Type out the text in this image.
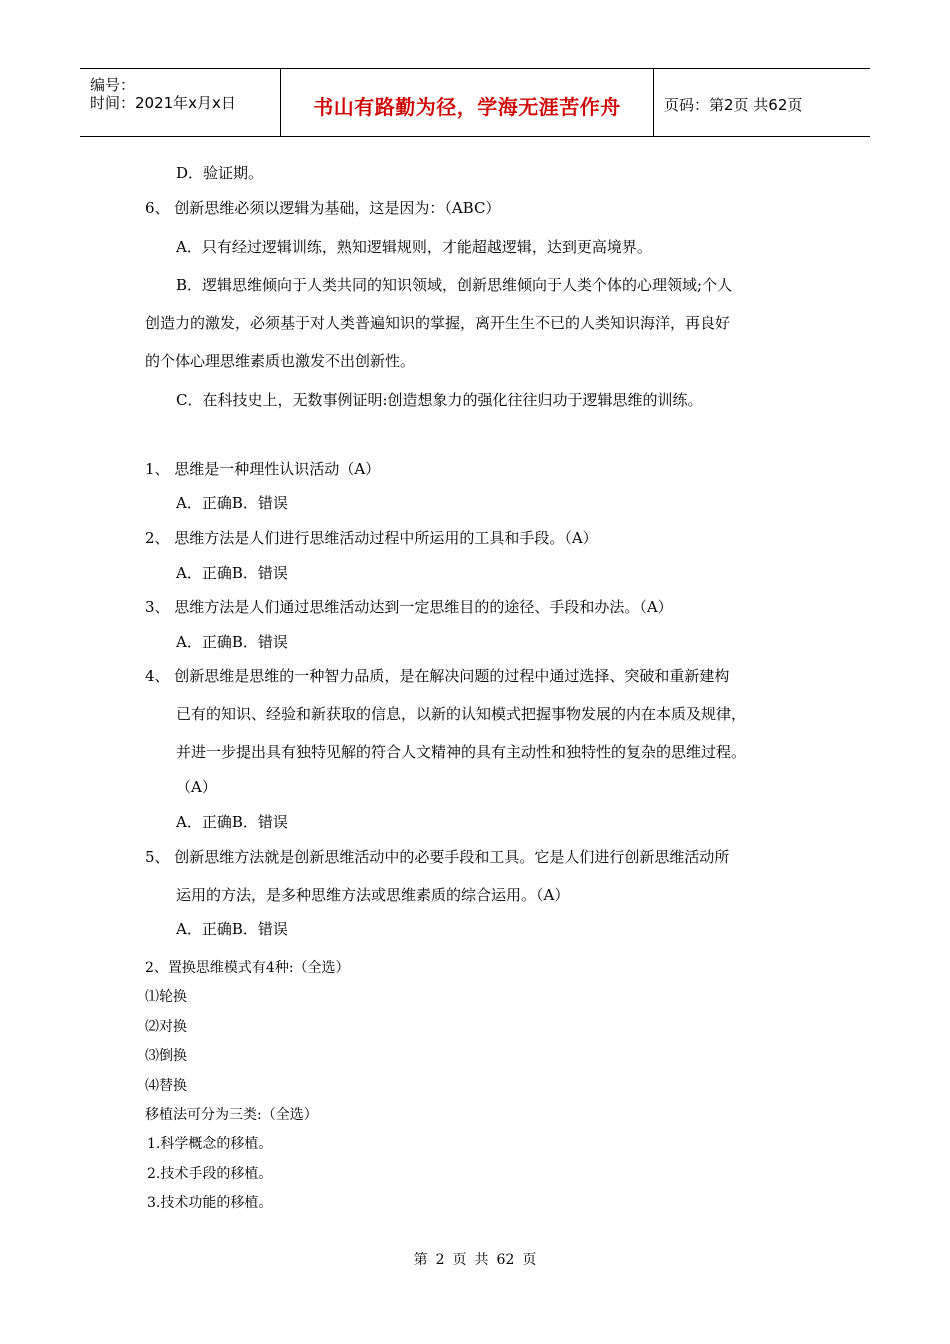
编号：
时间：2021年x月x日	书山有路勤为径，学海无涯苦作舟	页码：第2页 共62页
D．验证期。
6、 创新思维必须以逻辑为基础，这是因为：（ABC）
A．只有经过逻辑训练，熟知逻辑规则，才能超越逻辑，达到更高境界。
B．逻辑思维倾向于人类共同的知识领域，创新思维倾向于人类个体的心理领域;个人
创造力的激发，必须基于对人类普遍知识的掌握，离开生生不已的人类知识海洋，再良好
的个体心理思维素质也激发不出创新性。
C．在科技史上，无数事例证明:创造想象力的强化往往归功于逻辑思维的训练。
1、 思维是一种理性认识活动（A）
A．正确B．错误
2、 思维方法是人们进行思维活动过程中所运用的工具和手段。（A）
A．正确B．错误
3、 思维方法是人们通过思维活动达到一定思维目的的途径、手段和办法。（A）
A．正确B．错误
4、 创新思维是思维的一种智力品质，是在解决问题的过程中通过选择、突破和重新建构
已有的知识、经验和新获取的信息，以新的认知模式把握事物发展的内在本质及规律，
并进一步提出具有独特见解的符合人文精神的具有主动性和独特性的复杂的思维过程。
（A）
A．正确B．错误
5、 创新思维方法就是创新思维活动中的必要手段和工具。它是人们进行创新思维活动所
运用的方法，是多种思维方法或思维素质的综合运用。（A）
A．正确B．错误
2、置换思维模式有4种:（全选）
⑴轮换
⑵对换
⑶倒换
⑷替换
移植法可分为三类:（全选）
1.科学概念的移植。
2.技术手段的移植。
3.技术功能的移植。
第 2 页 共 62 页
